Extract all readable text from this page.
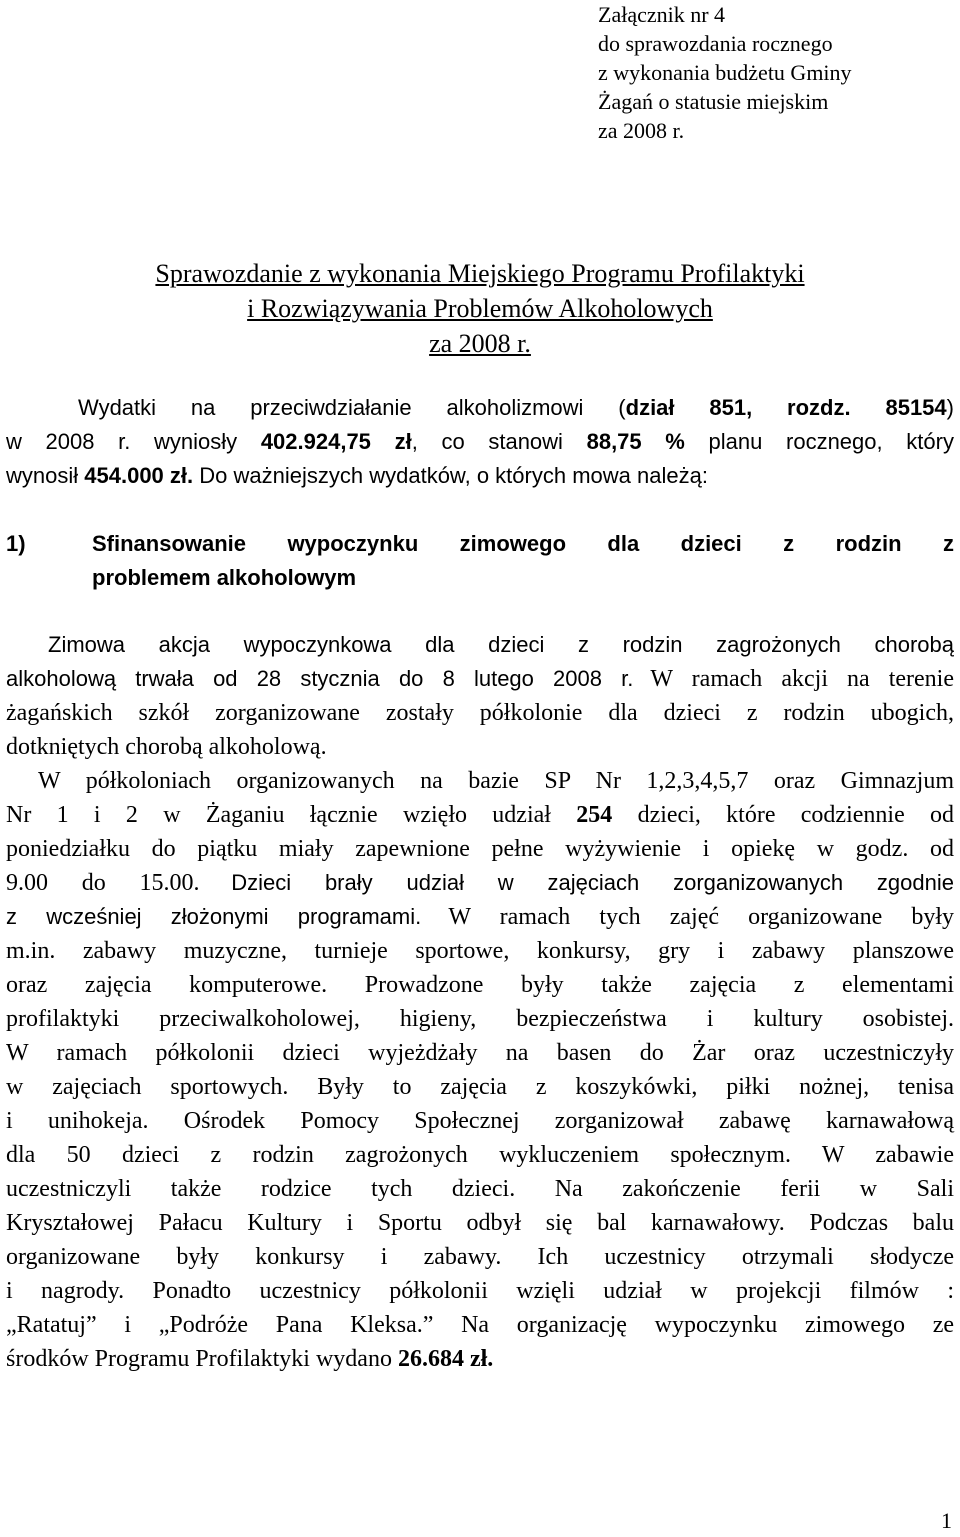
Załącznik nr 4
do sprawozdania rocznego
z wykonania budżetu Gminy
Żagań o statusie miejskim
za 2008 r.
Sprawozdanie z wykonania Miejskiego Programu Profilaktyki
i Rozwiązywania Problemów Alkoholowych
za 2008 r.
Wydatki na przeciwdziałanie alkoholizmowi (dział 851, rozdz. 85154)
w 2008 r. wyniosły 402.924,75 zł, co stanowi 88,75 % planu rocznego, który
wynosił 454.000 zł. Do ważniejszych wydatków, o których mowa należą:
1)	Sfinansowanie wypoczynku zimowego dla dzieci z rodzin z
problemem alkoholowym
Zimowa akcja wypoczynkowa dla dzieci z rodzin zagrożonych chorobą
alkoholową trwała od 28 stycznia do 8 lutego 2008 r. W ramach akcji na terenie
żagańskich szkół zorganizowane zostały półkolonie dla dzieci z rodzin ubogich,
dotkniętych chorobą alkoholową.
W półkoloniach organizowanych na bazie SP Nr 1,2,3,4,5,7 oraz Gimnazjum
Nr 1 i 2 w Żaganiu łącznie wzięło udział 254 dzieci, które codziennie od
poniedziałku do piątku miały zapewnione pełne wyżywienie i opiekę w godz. od
9.00 do 15.00. Dzieci brały udział w zajęciach zorganizowanych zgodnie
z wcześniej złożonymi programami. W ramach tych zajęć organizowane były
m.in. zabawy muzyczne, turnieje sportowe, konkursy, gry i zabawy planszowe
oraz zajęcia komputerowe. Prowadzone były także zajęcia z elementami
profilaktyki przeciwalkoholowej, higieny, bezpieczeństwa i kultury osobistej.
W ramach półkolonii dzieci wyjeżdżały na basen do Żar oraz uczestniczyły
w zajęciach sportowych. Były to zajęcia z koszykówki, piłki nożnej, tenisa
i unihokeja. Ośrodek Pomocy Społecznej zorganizował zabawę karnawałową
dla 50 dzieci z rodzin zagrożonych wykluczeniem społecznym. W zabawie
uczestniczyli także rodzice tych dzieci. Na zakończenie ferii w Sali
Kryształowej Pałacu Kultury i Sportu odbył się bal karnawałowy. Podczas balu
organizowane były konkursy i zabawy. Ich uczestnicy otrzymali słodycze
i nagrody. Ponadto uczestnicy półkolonii wzięli udział w projekcji filmów :
„Ratatuj” i „Podróże Pana Kleksa.” Na organizację wypoczynku zimowego ze
środków Programu Profilaktyki wydano 26.684 zł.
1
